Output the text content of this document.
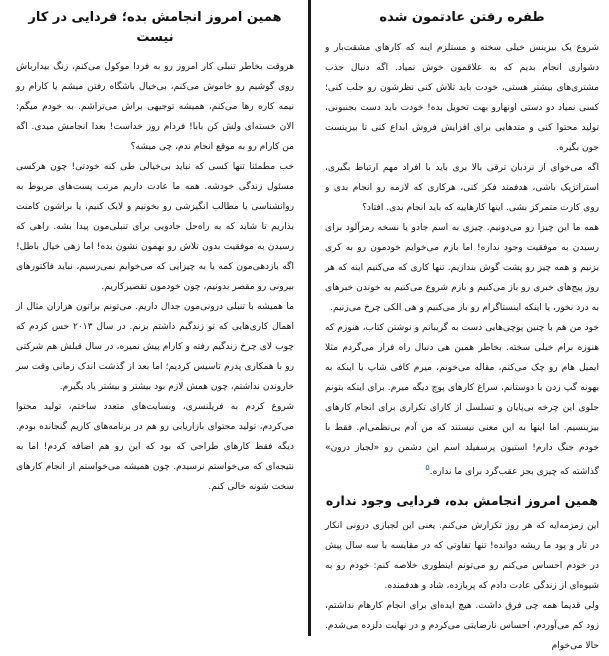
طفره رفتن عادتمون شده

شروع یک بیزینس خیلی سخته و مستلزم اینه که کارهای مشقت‌بار و دشواری انجام بدیم که به علاقمون خوش نمیاد. اگه دنبال جذب مشتری‌های بیشتر هستی، خودت باید تلاش کنی نظرشون رو جلب کنی؛ کسی نمیاد دو دستی اونهارو بهت تحویل بده! خودت باید دست بجنبونی، تولید محتوا کنی و متدهایی برای افزایش فروش ابداع کنی تا بیزینست جون بگیره.

اگه می‌خوای از نردبان ترقی بالا بری باید با افراد مهم ارتباط بگیری، استراتژیک باشی، هدفمند فکر کنی، هرکاری که لازمه رو انجام بدی و روی کارت متمرکز بشی. اینها کارهاییه که باید انجام بدی. افتاد؟

همه ما این چیزا رو می‌دونیم. چیزی به اسم جادو یا نسخه رمزآلود برای رسیدن به موفقیت وجود نداره! اما بازم می‌خوایم خودمون رو به کری بزنیم و همه چیز رو پشت گوش بندازیم. تنها کاری که می‌کنیم اینه که هر روز پیج‌های خبری رو باز می‌کنیم و بازم شروع می‌کنیم به خوندن خبرهای به درد نخور، یا اینکه اینستاگرام رو باز می‌کنیم و هی الکی چرخ می‌زنیم.

خود من هم با چنین پوچی‌هایی دست به گریبانم و نوشتن کتاب، هنوزم که هنوزه برام خیلی سخته. بخاطر همین هی دنبال راه فرار می‌گردم مثلا ایمیل هام رو چک می‌کنم، مقاله می‌خونم، میرم کافی شاپ یا اینکه به بهونه گپ زدن با دوستانم، سراغ کارهای پوچ دیگه میرم. برای اینکه بتونم جلوی این چرخه بی‌پایان و تسلسل از کارای تکراری برای انجام کارهای بیزینسیم. اما اینها به این معنی نیستند که من آدم بی‌نظمی‌ام. فقط با خودم جنگ دارم! استیون پرسفیلد اسم این دشمن رو «لجباز درون» گذاشته که چیزی بجز عقب‌گرد برای ما نداره.۵

همین امروز انجامش بده، فردایی وجود نداره

این زمزمه‌ایه که هر روز تکرارش می‌کنم. یعنی این لجبازی درونی انکار در تار و پود ما ریشه دوانده! تنها تفاوتی که در مقایسه با سه سال پیش در خودم احساس می‌کنم رو می‌تونم اینطوری خلاصه کنم: خودم رو به شیوه‌ای از زندگی عادت دادم که پربازده، شاد و هدفمنده.

ولی قدیما همه چی فرق داشت. هیچ ایده‌ای برای انجام کارهام نداشتم، زود کم می‌آوردم، احساس نارضایتی می‌کردم و در نهایت دلزده می‌شدم. حالا می‌خوام

همین امروز انجامش بده؛ فردایی در کار نیست

هروقت بخاطر تنبلی کار امروز رو به فردا موکول می‌کنم، زنگ بیدارباش روی گوشیم رو خاموش می‌کنم، بی‌خیال باشگاه رفتن میشم یا کارام رو نیمه کاره رها می‌کنم، همیشه توجیهی براش می‌تراشم. به خودم میگم: الان خسته‌ای ولش کن بابا! فردام روز خداست! بعدا انجامش میدی. اگه من کارام رو به موقع انجام ندم، چی میشه؟

خب مطمئنا تنها کسی که نباید بی‌خیالی طی کنه خودتی! چون هرکسی مسئول زندگی خودشه. همه ما عادت داریم مرتب پست‌های مربوط به روانشناسی یا مطالب انگیزشی رو بخونیم و لایک کنیم، یا براشون کامنت بذاریم تا شاید که به راه‌حل جادویی برای تنبلی‌مون پیدا بشه. راهی که رسیدن به موفقیت بدون تلاش رو بهمون نشون بده! اما زهی خیال باطل! اگه بازدهی‌مون کمه یا به چیزایی که می‌خوایم نمی‌رسیم، نباید فاکتورهای بیرونی رو مقصر بدونیم، چون خودمون تقصیرکاریم.

ما همیشه با تنبلی درونی‌مون جدال داریم. می‌تونم براتون هزاران مثال از اهمال کاری‌هایی که تو زندگیم داشتم بزنم. در سال ۲۰۱۳ حس کردم که چوب لای چرخ زندگیم رفته و کارام پیش نمیره، در سال قبلش هم شرکتی رو با همکاری پدرم تاسیس کردیم؛ اما بعد از گذشت اندک زمانی وقت سر خاروندن نداشتم، چون همش لازم بود بیشتر و بیشتر یاد بگیرم.

شروع کردم به فریلنسری، وبسایت‌های متعدد ساختم، تولید محتوا می‌کردم، تولید محتوای بازاریابی رو هم در برنامه‌های کاریم گنجانده بودم. دیگه فقط کارهای طراحی که بود که این رو هم اضافه کردم! اما به نتیجه‌ای که می‌خواستم نرسیدم. چون همیشه می‌خواستم از انجام کارهای سخت شونه خالی کنم.
